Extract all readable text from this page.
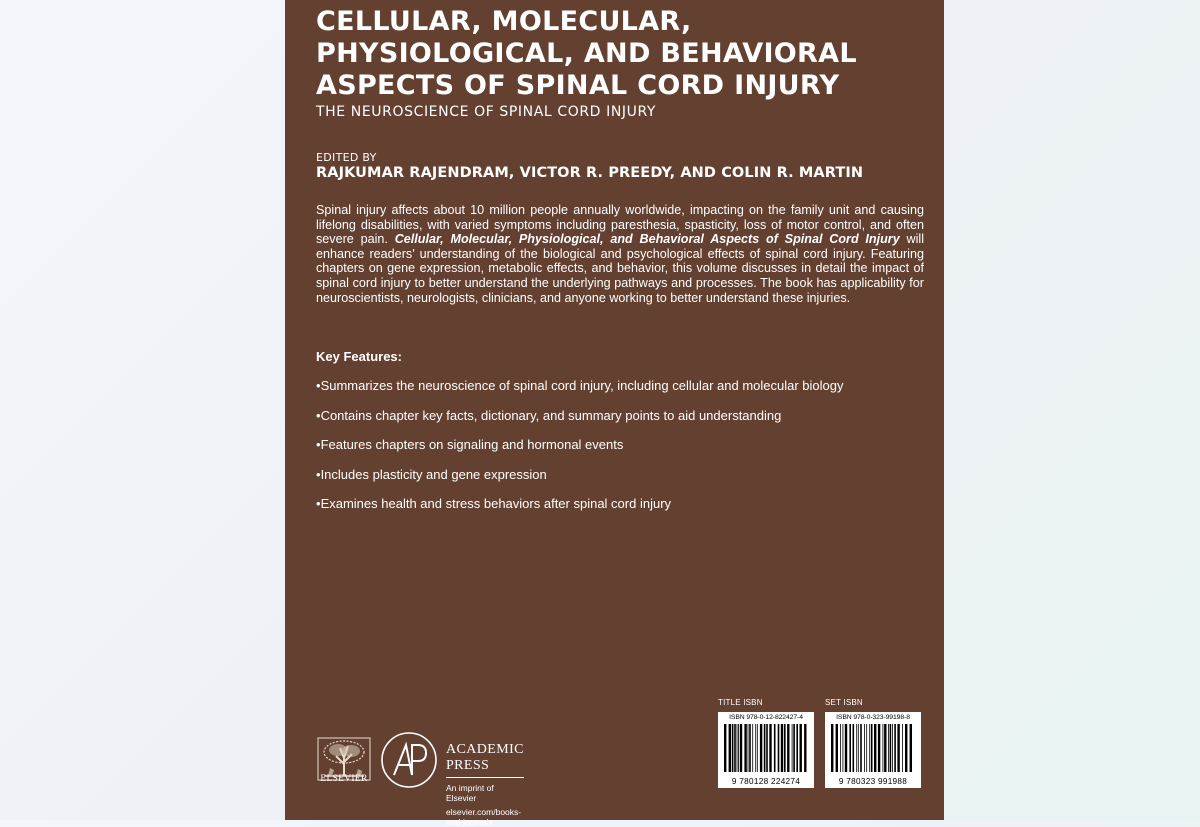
CELLULAR, MOLECULAR, PHYSIOLOGICAL, AND BEHAVIORAL ASPECTS OF SPINAL CORD INJURY
THE NEUROSCIENCE OF SPINAL CORD INJURY
EDITED BY
RAJKUMAR RAJENDRAM, VICTOR R. PREEDY, AND COLIN R. MARTIN

Spinal injury affects about 10 million people annually worldwide, impacting on the family unit and causing lifelong disabilities, with varied symptoms including paresthesia, spasticity, loss of motor control, and often severe pain. Cellular, Molecular, Physiological, and Behavioral Aspects of Spinal Cord Injury will enhance readers’ understanding of the biological and psychological effects of spinal cord injury. Featuring chapters on gene expression, metabolic effects, and behavior, this volume discusses in detail the impact of spinal cord injury to better understand the underlying pathways and processes. The book has applicability for neuroscientists, neurologists, clinicians, and anyone working to better understand these injuries.

Key Features:
• Summarizes the neuroscience of spinal cord injury, including cellular and molecular biology
• Contains chapter key facts, dictionary, and summary points to aid understanding
• Features chapters on signaling and hormonal events
• Includes plasticity and gene expression
• Examines health and stress behaviors after spinal cord injury
ELSEVIER
ACADEMIC PRESS
An imprint of Elsevier
elsevier.com/books-and-journals
TITLE ISBN
ISBN 978-0-12-822427-4
9 780128 224274
SET ISBN
ISBN 978-0-323-99198-8
9 780323 991988
